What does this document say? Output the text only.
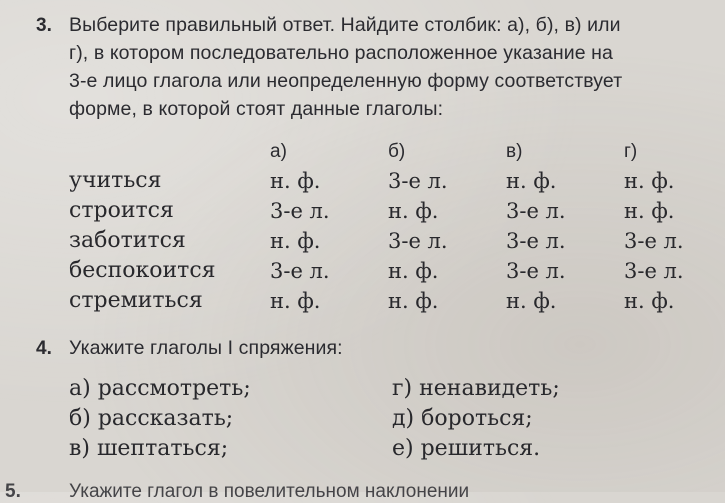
3. Выберите правильный ответ. Найдите столбик: а), б), в) или
г), в котором последовательно расположенное указание на
3-е лицо глагола или неопределенную форму соответствует
форме, в которой стоят данные глаголы:
а)	б)	в)	г)
учиться	н. ф.	3-е л.	н. ф.	н. ф.
строится	3-е л.	н. ф.	3-е л.	н. ф.
заботится	н. ф.	3-е л.	3-е л.	3-е л.
беспокоится	3-е л.	н. ф.	3-е л.	3-е л.
стремиться	н. ф.	н. ф.	н. ф.	н. ф.
4. Укажите глаголы I спряжения:
а) рассмотреть;
б) рассказать;
в) шептаться;
г) ненавидеть;
д) бороться;
е) решиться.
5.	Укажите глагол в повелительном наклонении
